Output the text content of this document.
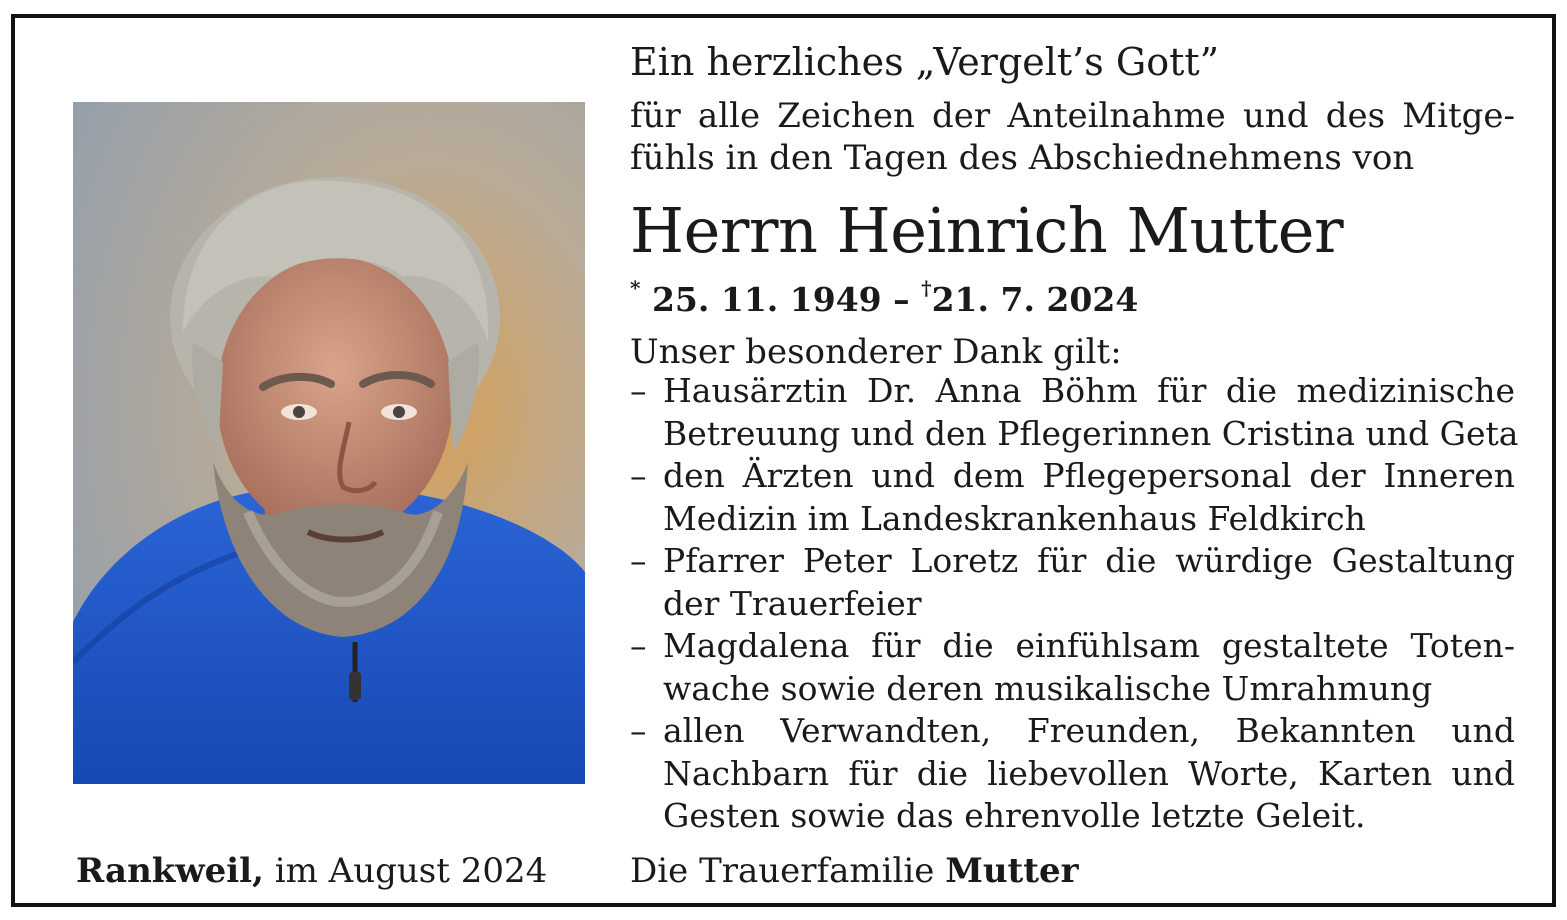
Ein herzliches „Vergelt’s Gott”

für alle Zeichen der Anteilnahme und des Mitge-

fühls in den Tagen des Abschiednehmens von

Herrn Heinrich Mutter

* 25. 11. 1949 – †21. 7. 2024

Unser besonderer Dank gilt:

– Hausärztin Dr. Anna Böhm für die medizinische
Betreuung und den Pflegerinnen Cristina und Geta
– den Ärzten und dem Pflegepersonal der Inneren
Medizin im Landeskrankenhaus Feldkirch
– Pfarrer Peter Loretz für die würdige Gestaltung
der Trauerfeier
– Magdalena für die einfühlsam gestaltete Toten-
wache sowie deren musikalische Umrahmung
– allen Verwandten, Freunden, Bekannten und
Nachbarn für die liebevollen Worte, Karten und
Gesten sowie das ehrenvolle letzte Geleit.
Rankweil, im August 2024 Die Trauerfamilie Mutter
